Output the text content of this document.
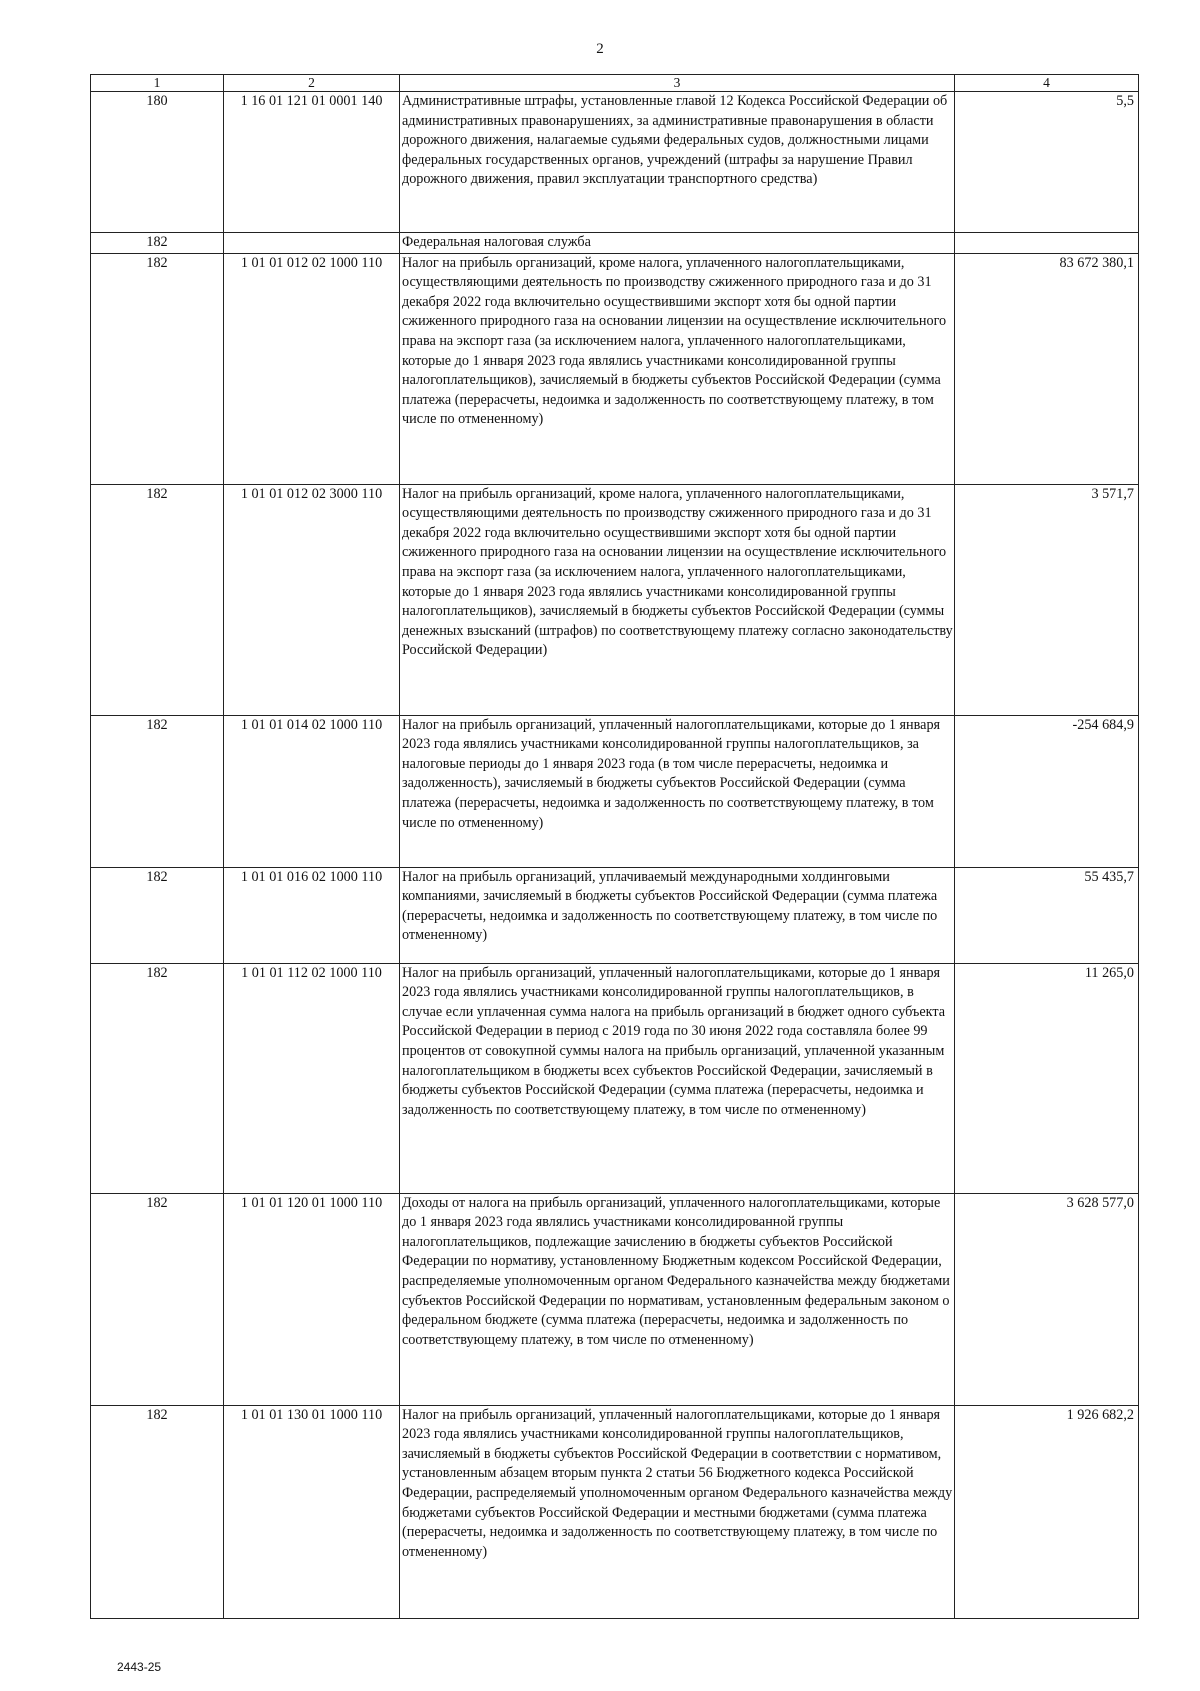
2
1	2	3	4
180	1 16 01 121 01 0001 140	Административные штрафы, установленные главой 12 Кодекса Российской Федерации об административных правонарушениях, за административные правонарушения в области дорожного движения, налагаемые судьями федеральных судов, должностными лицами федеральных государственных органов, учреждений (штрафы за нарушение Правил дорожного движения, правил эксплуатации транспортного средства)	5,5
182		Федеральная налоговая служба	
182	1 01 01 012 02 1000 110	Налог на прибыль организаций, кроме налога, уплаченного налогоплательщиками, осуществляющими деятельность по производству сжиженного природного газа и до 31 декабря 2022 года включительно осуществившими экспорт хотя бы одной партии сжиженного природного газа на основании лицензии на осуществление исключительного права на экспорт газа (за исключением налога, уплаченного налогоплательщиками, которые до 1 января 2023 года являлись участниками консолидированной группы налогоплательщиков), зачисляемый в бюджеты субъектов Российской Федерации (сумма платежа (перерасчеты, недоимка и задолженность по соответствующему платежу, в том числе по отмененному)	83 672 380,1
182	1 01 01 012 02 3000 110	Налог на прибыль организаций, кроме налога, уплаченного налогоплательщиками, осуществляющими деятельность по производству сжиженного природного газа и до 31 декабря 2022 года включительно осуществившими экспорт хотя бы одной партии сжиженного природного газа на основании лицензии на осуществление исключительного права на экспорт газа (за исключением налога, уплаченного налогоплательщиками, которые до 1 января 2023 года являлись участниками консолидированной группы налогоплательщиков), зачисляемый в бюджеты субъектов Российской Федерации (суммы денежных взысканий (штрафов) по соответствующему платежу согласно законодательству Российской Федерации)	3 571,7
182	1 01 01 014 02 1000 110	Налог на прибыль организаций, уплаченный налогоплательщиками, которые до 1 января 2023 года являлись участниками консолидированной группы налогоплательщиков, за налоговые периоды до 1 января 2023 года (в том числе перерасчеты, недоимка и задолженность), зачисляемый в бюджеты субъектов Российской Федерации (сумма платежа (перерасчеты, недоимка и задолженность по соответствующему платежу, в том числе по отмененному)	-254 684,9
182	1 01 01 016 02 1000 110	Налог на прибыль организаций, уплачиваемый международными холдинговыми компаниями, зачисляемый в бюджеты субъектов Российской Федерации (сумма платежа (перерасчеты, недоимка и задолженность по соответствующему платежу, в том числе по отмененному)	55 435,7
182	1 01 01 112 02 1000 110	Налог на прибыль организаций, уплаченный налогоплательщиками, которые до 1 января 2023 года являлись участниками консолидированной группы налогоплательщиков, в случае если уплаченная сумма налога на прибыль организаций в бюджет одного субъекта Российской Федерации в период с 2019 года по 30 июня 2022 года составляла более 99 процентов от совокупной суммы налога на прибыль организаций, уплаченной указанным налогоплательщиком в бюджеты всех субъектов Российской Федерации, зачисляемый в бюджеты субъектов Российской Федерации (сумма платежа (перерасчеты, недоимка и задолженность по соответствующему платежу, в том числе по отмененному)	11 265,0
182	1 01 01 120 01 1000 110	Доходы от налога на прибыль организаций, уплаченного налогоплательщиками, которые до 1 января 2023 года являлись участниками консолидированной группы налогоплательщиков, подлежащие зачислению в бюджеты субъектов Российской Федерации по нормативу, установленному Бюджетным кодексом Российской Федерации, распределяемые уполномоченным органом Федерального казначейства между бюджетами субъектов Российской Федерации по нормативам, установленным федеральным законом о федеральном бюджете (сумма платежа (перерасчеты, недоимка и задолженность по соответствующему платежу, в том числе по отмененному)	3 628 577,0
182	1 01 01 130 01 1000 110	Налог на прибыль организаций, уплаченный налогоплательщиками, которые до 1 января 2023 года являлись участниками консолидированной группы налогоплательщиков, зачисляемый в бюджеты субъектов Российской Федерации в соответствии с нормативом, установленным абзацем вторым пункта 2 статьи 56 Бюджетного кодекса Российской Федерации, распределяемый уполномоченным органом Федерального казначейства между бюджетами субъектов Российской Федерации и местными бюджетами (сумма платежа (перерасчеты, недоимка и задолженность по соответствующему платежу, в том числе по отмененному)	1 926 682,2
2443-25
